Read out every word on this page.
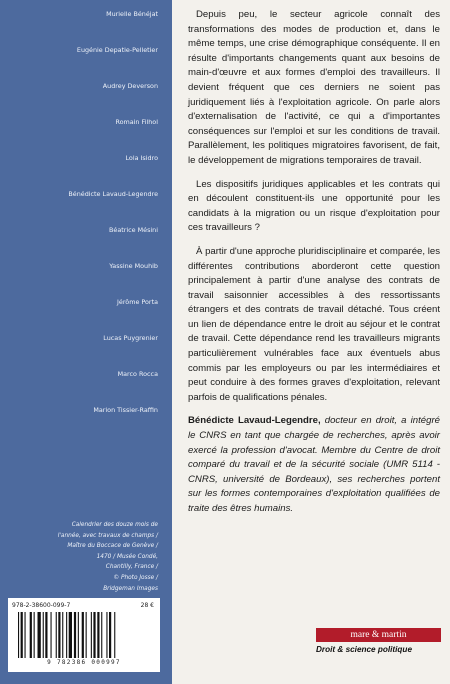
Murielle Bénéjat
Eugénie Depatie-Pelletier
Audrey Deverson
Romain Filhol
Lola Isidro
Bénédicte Lavaud-Legendre
Béatrice Mésini
Yassine Mouhib
Jérôme Porta
Lucas Puygrenier
Marco Rocca
Marion Tissier-Raffin
Calendrier des douze mois de
l'année, avec travaux de champs /
Maître du Boccace de Genève /
1470 / Musée Condé,
Chantilly, France /
© Photo Josse /
Bridgeman Images
978-2-38600-099-7	28 €
9 782386 000997

Depuis peu, le secteur agricole connaît des transformations des modes de production et, dans le même temps, une crise démographique conséquente. Il en résulte d'importants changements quant aux besoins de main-d'œuvre et aux formes d'emploi des travailleurs. Il devient fréquent que ces derniers ne soient pas juridiquement liés à l'exploitation agricole. On parle alors d'externalisation de l'activité, ce qui a d'importantes conséquences sur l'emploi et sur les conditions de travail. Parallèlement, les politiques migratoires favorisent, de fait, le développement de migrations temporaires de travail.

Les dispositifs juridiques applicables et les contrats qui en découlent constituent-ils une opportunité pour les candidats à la migration ou un risque d'exploitation pour ces travailleurs ?

À partir d'une approche pluridisciplinaire et comparée, les différentes contributions aborderont cette question principalement à partir d'une analyse des contrats de travail saisonnier accessibles à des ressortissants étrangers et des contrats de travail détaché. Tous créent un lien de dépendance entre le droit au séjour et le contrat de travail. Cette dépendance rend les travailleurs migrants particulièrement vulnérables face aux éventuels abus commis par les employeurs ou par les intermédiaires et peut conduire à des formes graves d'exploitation, relevant parfois de qualifications pénales.

Bénédicte Lavaud-Legendre, docteur en droit, a intégré le CNRS en tant que chargée de recherches, après avoir exercé la profession d'avocat. Membre du Centre de droit comparé du travail et de la sécurité sociale (UMR 5114 - CNRS, université de Bordeaux), ses recherches portent sur les formes contemporaines d'exploitation qualifiées de traite des êtres humains.

mare & martin
Droit & science politique
